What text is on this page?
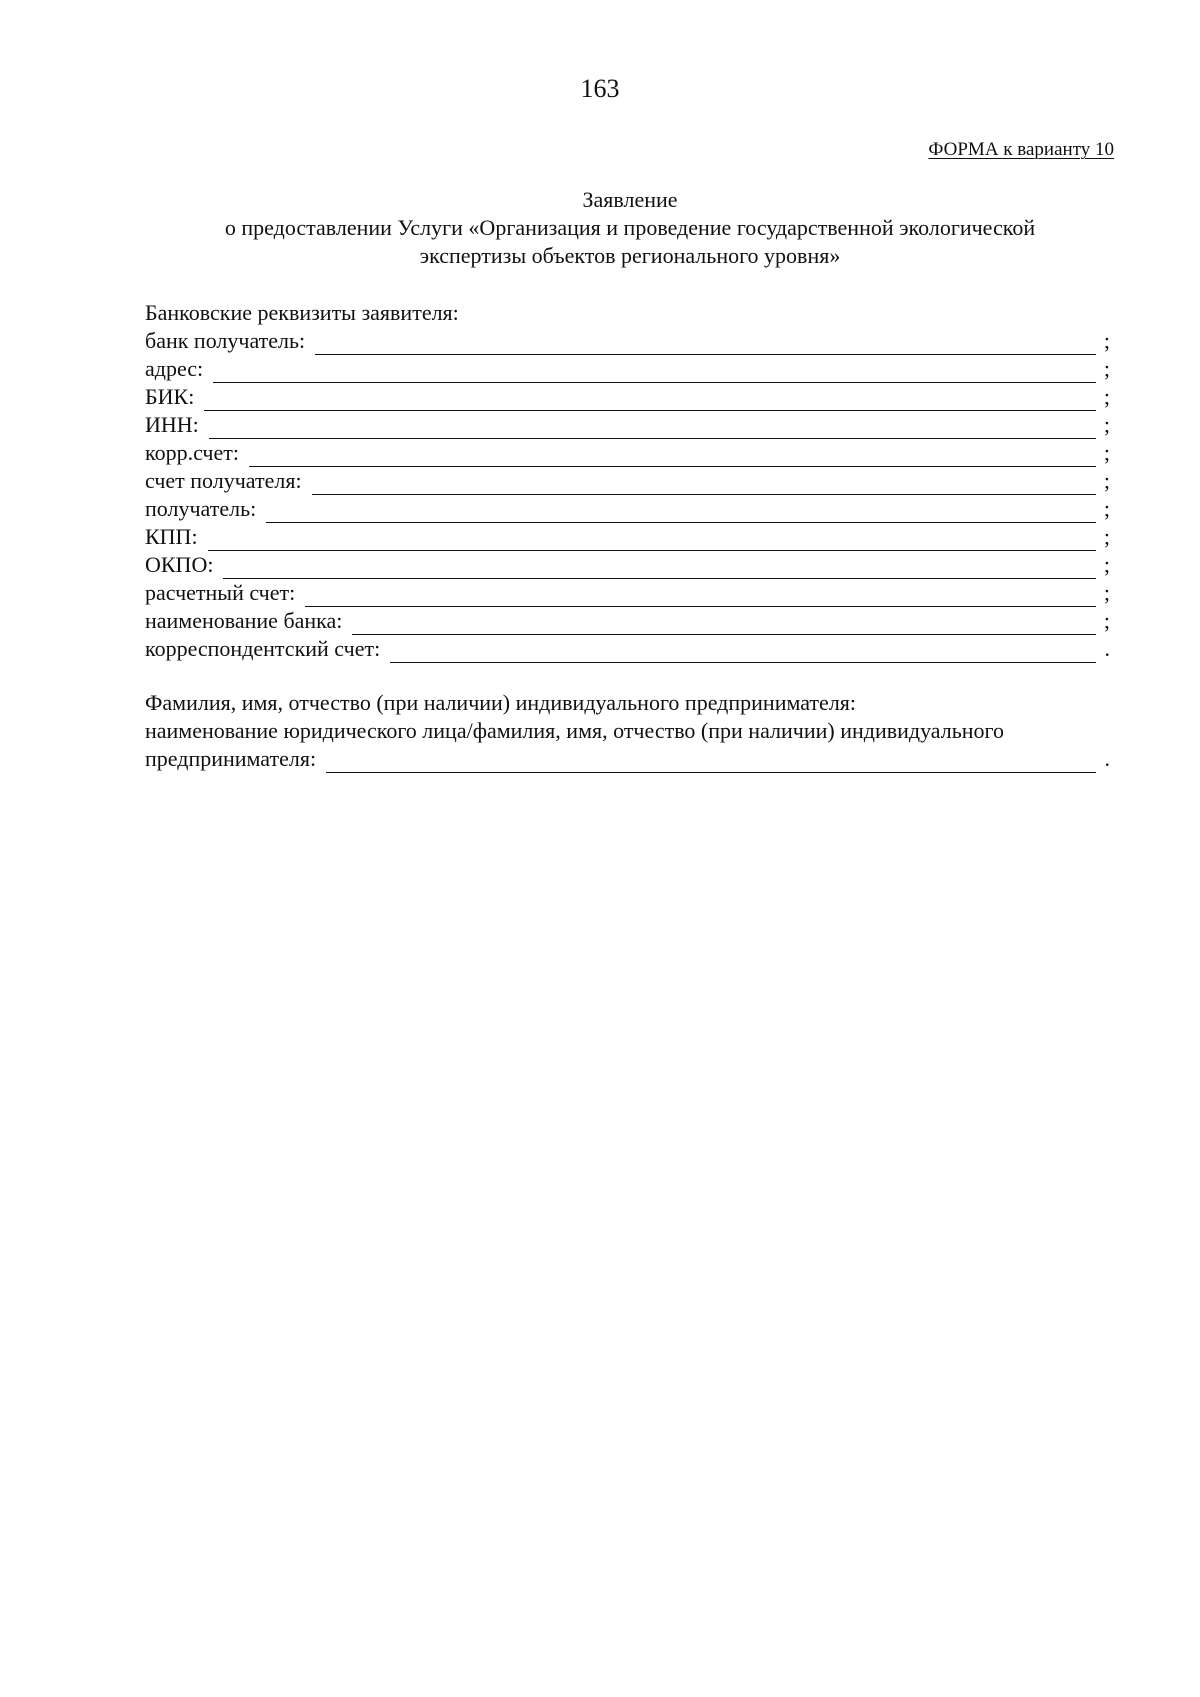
163
ФОРМА к варианту 10
Заявление
о предоставлении Услуги «Организация и проведение государственной экологической
экспертизы объектов регионального уровня»
Банковские реквизиты заявителя:
банк получатель:	;
адрес:	;
БИК:	;
ИНН:	;
корр.счет:	;
счет получателя:	;
получатель:	;
КПП:	;
ОКПО:	;
расчетный счет:	;
наименование банка:	;
корреспондентский счет:	.
Фамилия, имя, отчество (при наличии) индивидуального предпринимателя:
наименование юридического лица/фамилия, имя, отчество (при наличии) индивидуального
предпринимателя:	.
